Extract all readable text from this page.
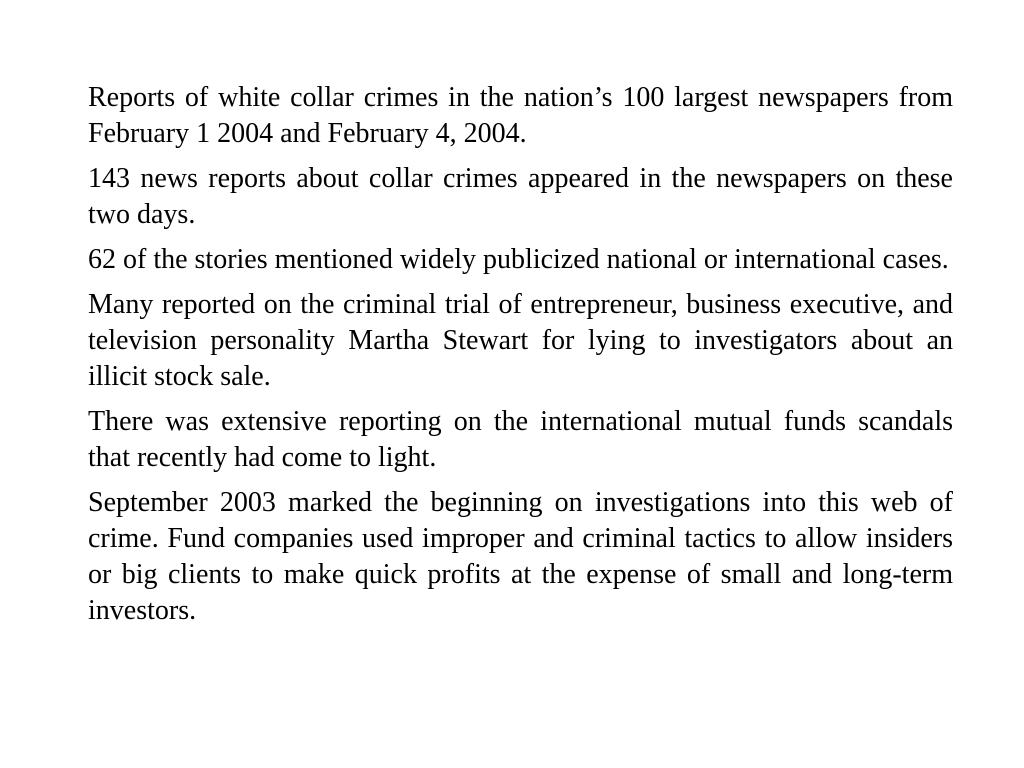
Reports of white collar crimes in the nation’s 100 largest newspapers from February 1 2004 and February 4, 2004.

143 news reports about collar crimes appeared in the newspapers on these two days.

62 of the stories mentioned widely publicized national or international cases.

Many reported on the criminal trial of entrepreneur, business executive, and television personality Martha Stewart for lying to investigators about an illicit stock sale.

There was extensive reporting on the international mutual funds scandals that recently had come to light.

September 2003 marked the beginning on investigations into this web of crime. Fund companies used improper and criminal tactics to allow insiders or big clients to make quick profits at the expense of small and long-term investors.
